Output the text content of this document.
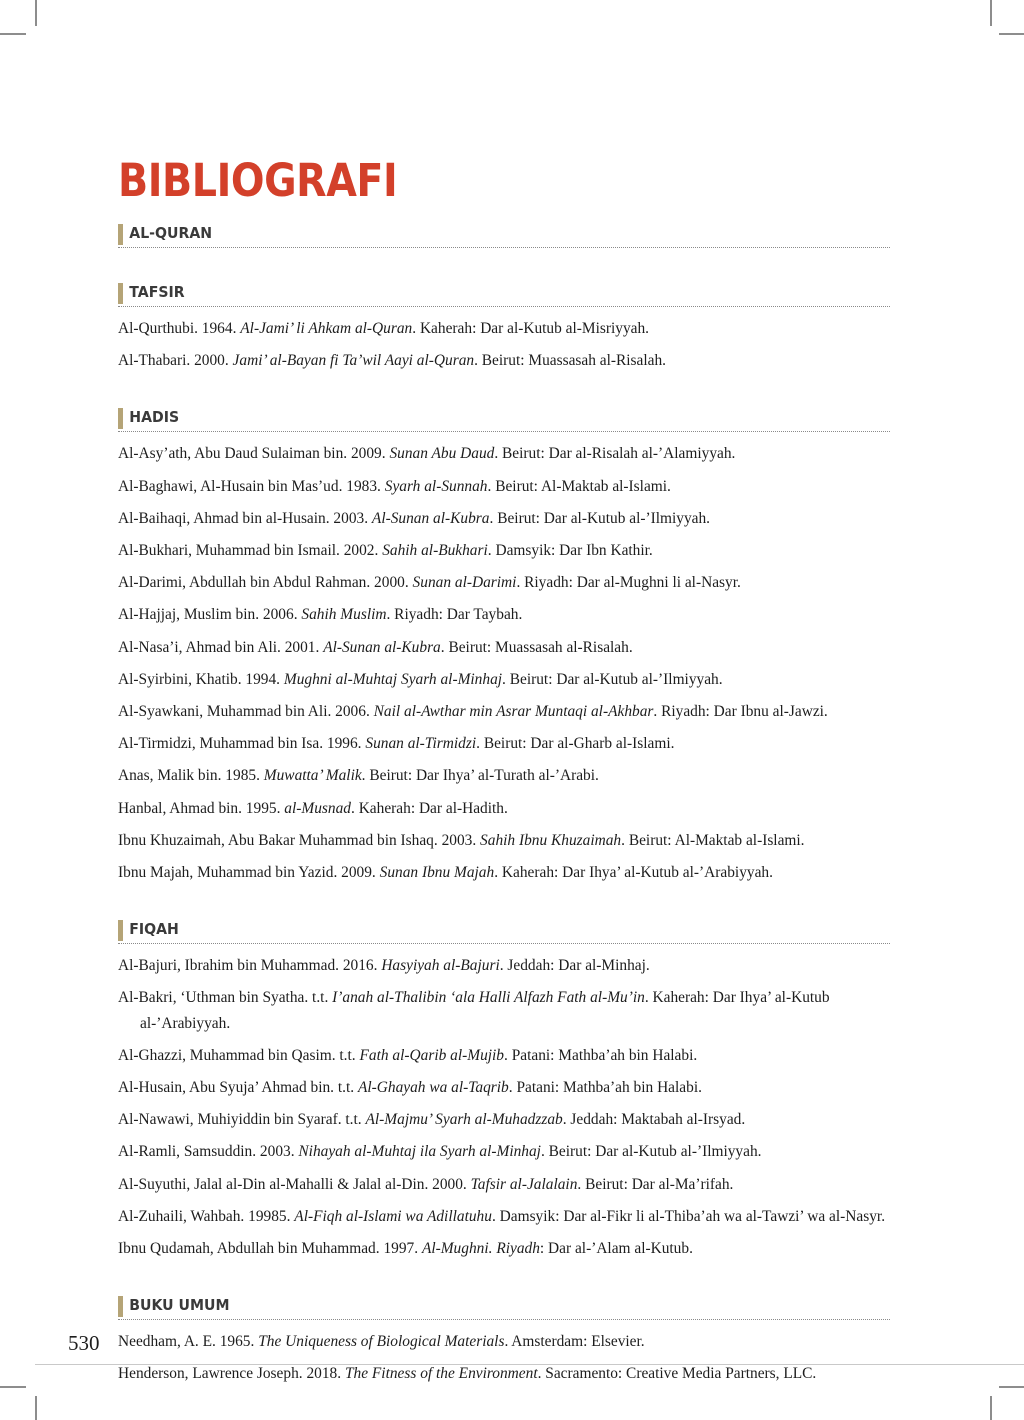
BIBLIOGRAFI
AL-QURAN
TAFSIR
Al-Qurthubi. 1964. Al-Jami’ li Ahkam al-Quran. Kaherah: Dar al-Kutub al-Misriyyah.
Al-Thabari. 2000. Jami’ al-Bayan fi Ta’wil Aayi al-Quran. Beirut: Muassasah al-Risalah.
HADIS
Al-Asy’ath, Abu Daud Sulaiman bin. 2009. Sunan Abu Daud. Beirut: Dar al-Risalah al-’Alamiyyah.
Al-Baghawi, Al-Husain bin Mas’ud. 1983. Syarh al-Sunnah. Beirut: Al-Maktab al-Islami.
Al-Baihaqi, Ahmad bin al-Husain. 2003. Al-Sunan al-Kubra. Beirut: Dar al-Kutub al-’Ilmiyyah.
Al-Bukhari, Muhammad bin Ismail. 2002. Sahih al-Bukhari. Damsyik: Dar Ibn Kathir.
Al-Darimi, Abdullah bin Abdul Rahman. 2000. Sunan al-Darimi. Riyadh: Dar al-Mughni li al-Nasyr.
Al-Hajjaj, Muslim bin. 2006. Sahih Muslim. Riyadh: Dar Taybah.
Al-Nasa’i, Ahmad bin Ali. 2001. Al-Sunan al-Kubra. Beirut: Muassasah al-Risalah.
Al-Syirbini, Khatib. 1994. Mughni al-Muhtaj Syarh al-Minhaj. Beirut: Dar al-Kutub al-’Ilmiyyah.
Al-Syawkani, Muhammad bin Ali. 2006. Nail al-Awthar min Asrar Muntaqi al-Akhbar. Riyadh: Dar Ibnu al-Jawzi.
Al-Tirmidzi, Muhammad bin Isa. 1996. Sunan al-Tirmidzi. Beirut: Dar al-Gharb al-Islami.
Anas, Malik bin. 1985. Muwatta’ Malik. Beirut: Dar Ihya’ al-Turath al-’Arabi.
Hanbal, Ahmad bin. 1995. al-Musnad. Kaherah: Dar al-Hadith.
Ibnu Khuzaimah, Abu Bakar Muhammad bin Ishaq. 2003. Sahih Ibnu Khuzaimah. Beirut: Al-Maktab al-Islami.
Ibnu Majah, Muhammad bin Yazid. 2009. Sunan Ibnu Majah. Kaherah: Dar Ihya’ al-Kutub al-’Arabiyyah.
FIQAH
Al-Bajuri, Ibrahim bin Muhammad. 2016. Hasyiyah al-Bajuri. Jeddah: Dar al-Minhaj.
Al-Bakri, ‘Uthman bin Syatha. t.t. I’anah al-Thalibin ‘ala Halli Alfazh Fath al-Mu’in. Kaherah: Dar Ihya’ al-Kutub al-’Arabiyyah.
Al-Ghazzi, Muhammad bin Qasim. t.t. Fath al-Qarib al-Mujib. Patani: Mathba’ah bin Halabi.
Al-Husain, Abu Syuja’ Ahmad bin. t.t. Al-Ghayah wa al-Taqrib. Patani: Mathba’ah bin Halabi.
Al-Nawawi, Muhiyiddin bin Syaraf. t.t. Al-Majmu’ Syarh al-Muhadzzab. Jeddah: Maktabah al-Irsyad.
Al-Ramli, Samsuddin. 2003. Nihayah al-Muhtaj ila Syarh al-Minhaj. Beirut: Dar al-Kutub al-’Ilmiyyah.
Al-Suyuthi, Jalal al-Din al-Mahalli & Jalal al-Din. 2000. Tafsir al-Jalalain. Beirut: Dar al-Ma’rifah.
Al-Zuhaili, Wahbah. 19985. Al-Fiqh al-Islami wa Adillatuhu. Damsyik: Dar al-Fikr li al-Thiba’ah wa al-Tawzi’ wa al-Nasyr.
Ibnu Qudamah, Abdullah bin Muhammad. 1997. Al-Mughni. Riyadh: Dar al-’Alam al-Kutub.
BUKU UMUM
Needham, A. E. 1965. The Uniqueness of Biological Materials. Amsterdam: Elsevier.
Henderson, Lawrence Joseph. 2018. The Fitness of the Environment. Sacramento: Creative Media Partners, LLC.
530
